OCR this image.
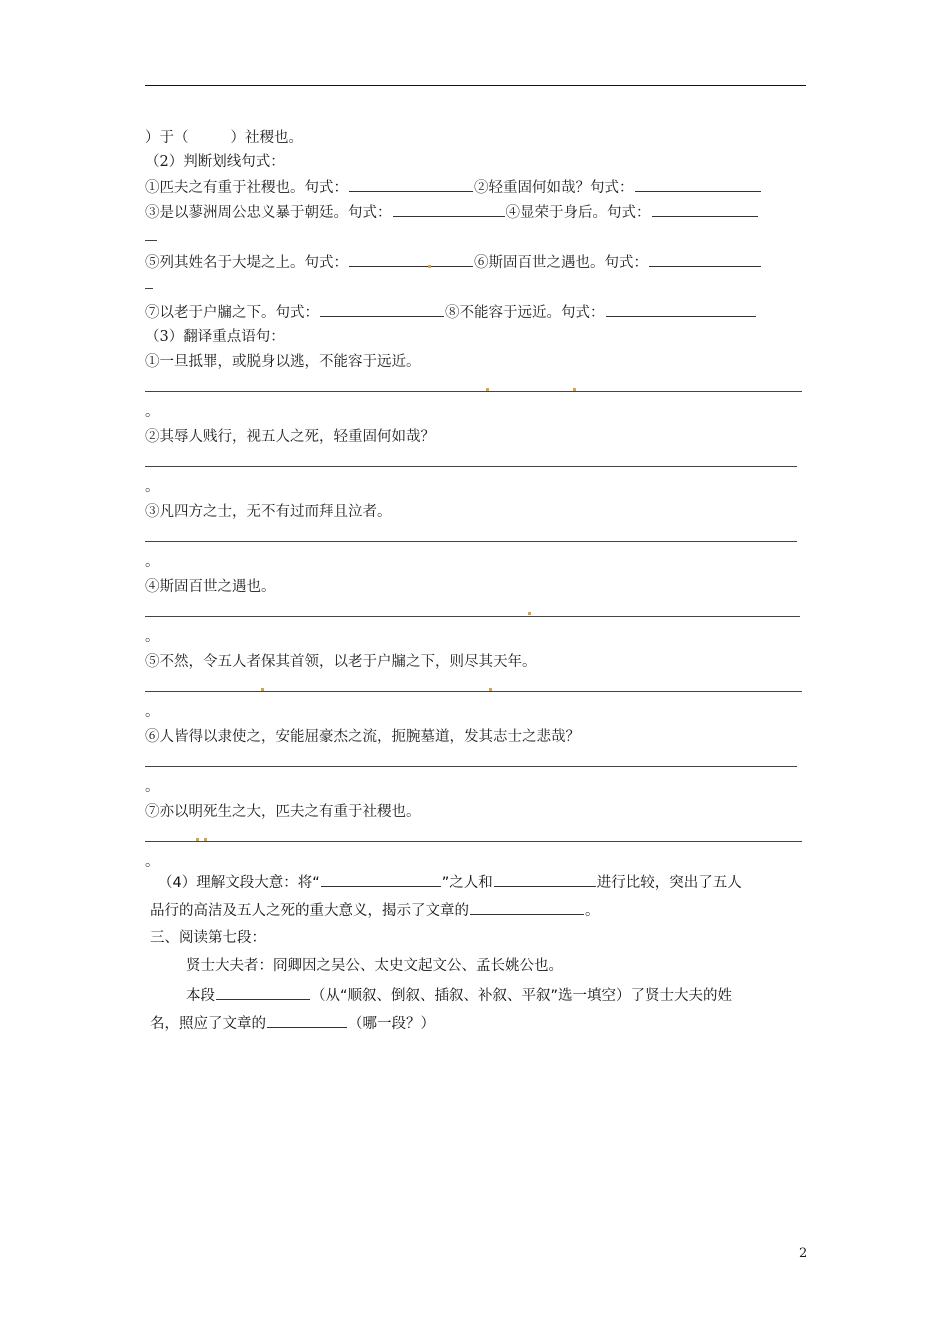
）于（	）社稷也。
（2）判断划线句式：
①匹夫之有重于社稷也。句式：	②轻重固何如哉？句式：
③是以蓼洲周公忠义暴于朝廷。句式：	④显荣于身后。句式：
⑤列其姓名于大堤之上。句式：	⑥斯固百世之遇也。句式：
⑦以老于户牖之下。句式：	⑧不能容于远近。句式：
（3）翻译重点语句：
①一旦抵罪，或脱身以逃，不能容于远近。
。
②其辱人贱行，视五人之死，轻重固何如哉？
。
③凡四方之士，无不有过而拜且泣者。
。
④斯固百世之遇也。
。
⑤不然，令五人者保其首领，以老于户牖之下，则尽其天年。
。
⑥人皆得以隶使之，安能屈豪杰之流，扼腕墓道，发其志士之悲哉？
。
⑦亦以明死生之大，匹夫之有重于社稷也。
。
（4）理解文段大意：将“	”之人和	进行比较，突出了五人
品行的高洁及五人之死的重大意义，揭示了文章的	。
三、阅读第七段：
贤士大夫者：冏卿因之吴公、太史文起文公、孟长姚公也。
本段	（从“顺叙、倒叙、插叙、补叙、平叙”选一填空）了贤士大夫的姓
名，照应了文章的	（哪一段？）
2
